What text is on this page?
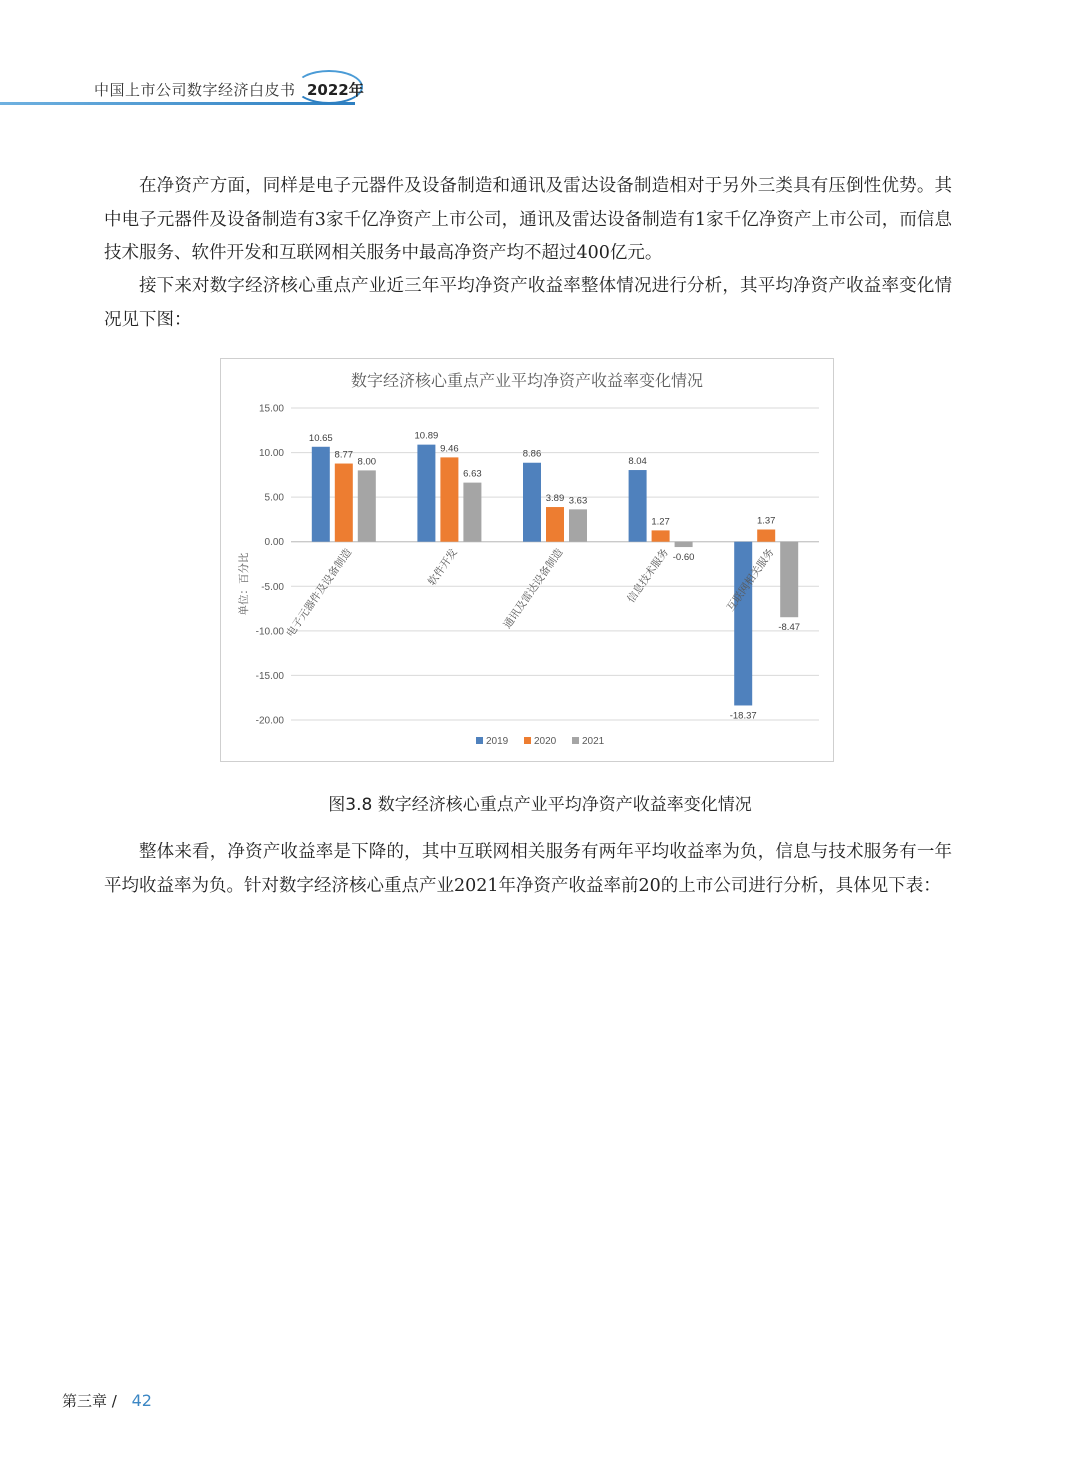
中国上市公司数字经济白皮书 2022年

在净资产方面，同样是电子元器件及设备制造和通讯及雷达设备制造相对于另外三类具有压倒性优势。其中电子元器件及设备制造有3家千亿净资产上市公司，通讯及雷达设备制造有1家千亿净资产上市公司，而信息技术服务、软件开发和互联网相关服务中最高净资产均不超过400亿元。

接下来对数字经济核心重点产业近三年平均净资产收益率整体情况进行分析，其平均净资产收益率变化情况见下图：

数字经济核心重点产业平均净资产收益率变化情况
15.00
10.00
5.00
0.00
-5.00
-10.00
-15.00
-20.00
单位：百分比
10.65
8.77
8.00
电子元器件及设备制造
10.89
9.46
6.63
软件开发
8.86
3.89 3.63
通讯及雷达设备制造
8.04
1.27
-0.60
信息技术服务
-18.37
1.37
-8.47
互联网相关服务
2019	2020	2021
图3.8 数字经济核心重点产业平均净资产收益率变化情况

整体来看，净资产收益率是下降的，其中互联网相关服务有两年平均收益率为负，信息与技术服务有一年平均收益率为负。针对数字经济核心重点产业2021年净资产收益率前20的上市公司进行分析，具体见下表：

第三章 / 42
